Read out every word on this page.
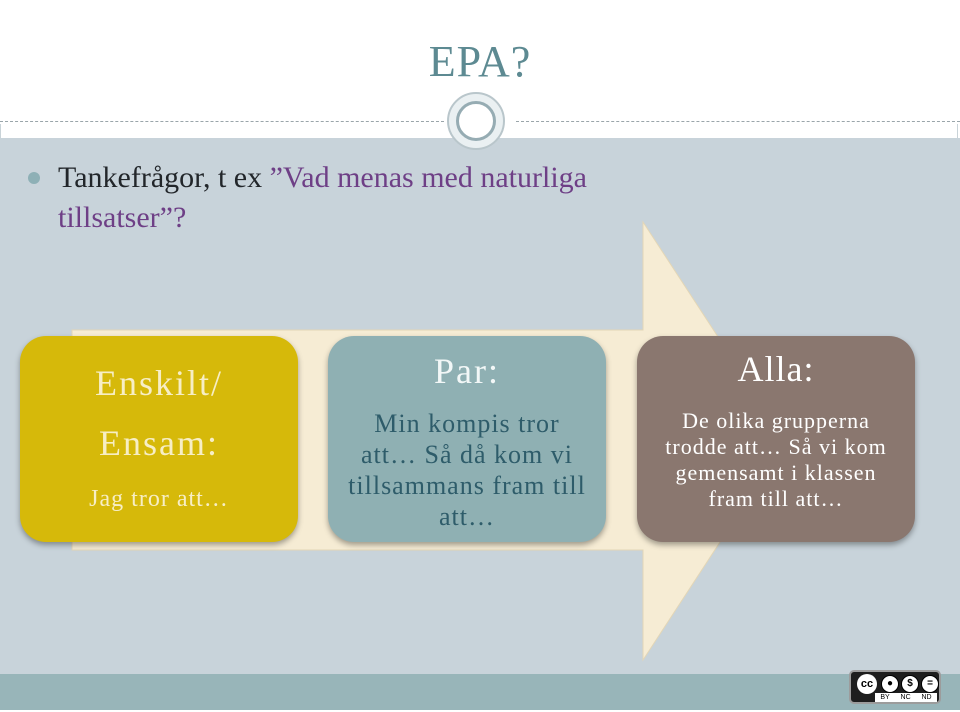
EPA?
Tankefrågor, t ex ”Vad menas med naturliga
tillsatser”?
Enskilt/
Ensam:
Jag tror att…
Par:
Min kompis tror att… Så då kom vi tillsammans fram till att…
Alla:
De olika grupperna trodde att… Så vi kom gemensamt i klassen fram till att…
cc	●	$	=
BY NC ND
